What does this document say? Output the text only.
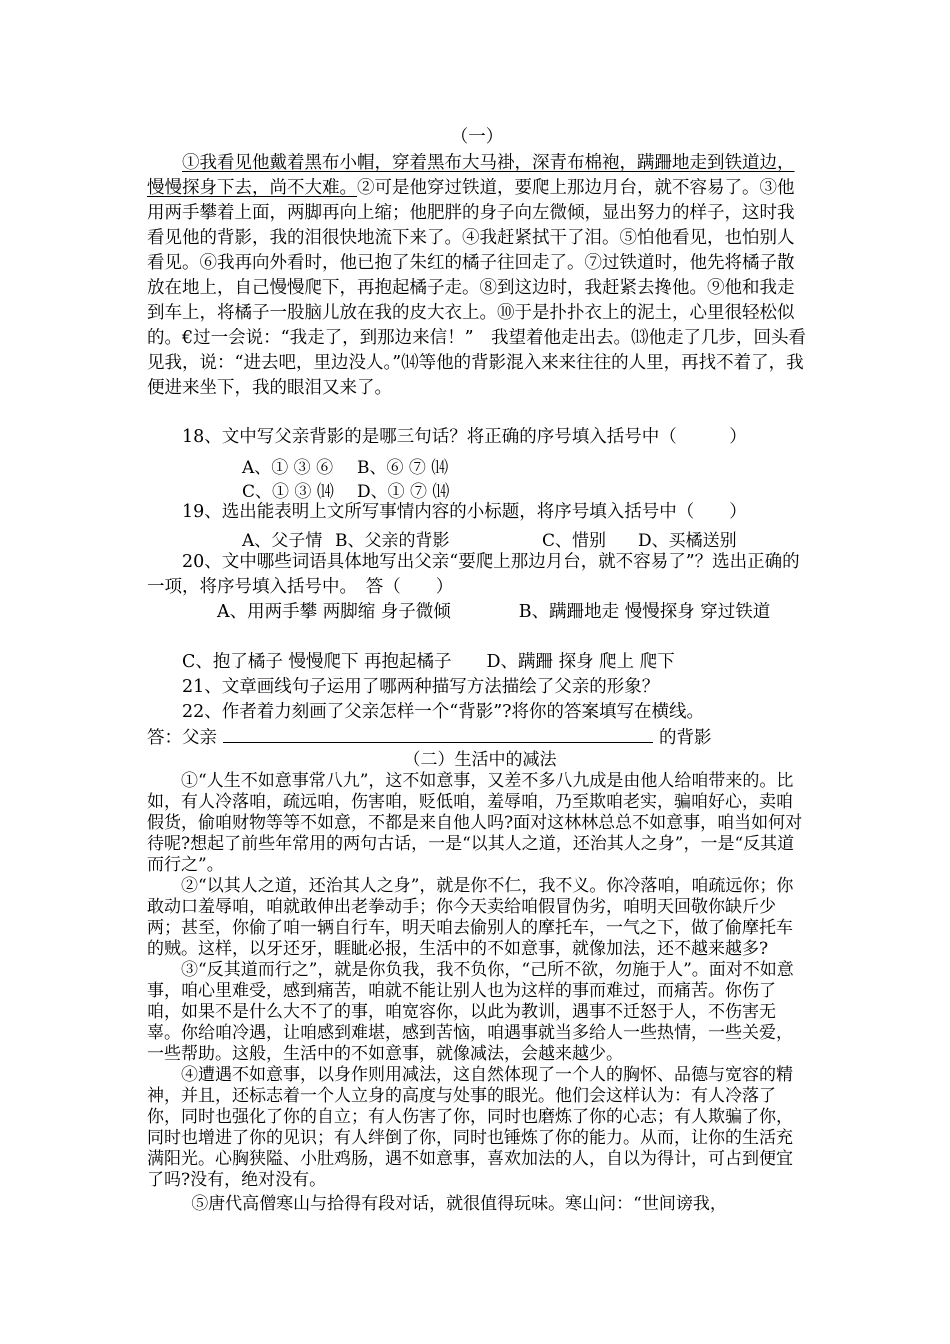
（一）

①我看见他戴着黑布小帽，穿着黑布大马褂，深青布棉袍，蹒跚地走到铁道边，慢慢探身下去，尚不大难。②可是他穿过铁道，要爬上那边月台，就不容易了。③他用两手攀着上面，两脚再向上缩；他肥胖的身子向左微倾，显出努力的样子，这时我看见他的背影，我的泪很快地流下来了。④我赶紧拭干了泪。⑤怕他看见，也怕别人看见。⑥我再向外看时，他已抱了朱红的橘子往回走了。⑦过铁道时，他先将橘子散放在地上，自己慢慢爬下，再抱起橘子走。⑧到这边时，我赶紧去搀他。⑨他和我走到车上，将橘子一股脑儿放在我的皮大衣上。⑩于是扑扑衣上的泥土，心里很轻松似的。€过一会说：“我走了，到那边来信！”　我望着他走出去。⒀他走了几步，回头看见我，说：“进去吧，里边没人。”⒁等他的背影混入来来往往的人里，再找不着了，我便进来坐下，我的眼泪又来了。

18、文中写父亲背影的是哪三句话？将正确的序号填入括号中（　　　）

A、① ③ ⑥ B、⑥ ⑦ ⒁
C、① ③ ⒁ D、① ⑦ ⒁

19、选出能表明上文所写事情内容的小标题，将序号填入括号中（　　）

A、父子情 B、父亲的背影	C、惜别 D、买橘送别

20、文中哪些词语具体地写出父亲“要爬上那边月台，就不容易了”？选出正确的一项，将序号填入括号中。　答（　　）

A、用两手攀 两脚缩 身子微倾	B、蹒跚地走 慢慢探身 穿过铁道

C、抱了橘子 慢慢爬下 再抱起橘子 D、蹒跚 探身 爬上 爬下

21、文章画线句子运用了哪两种描写方法描绘了父亲的形象？

22、作者着力刻画了父亲怎样一个“背影”?将你的答案填写在横线。

答：父亲	的背影

（二）生活中的减法

①“人生不如意事常八九”，这不如意事，又差不多八九成是由他人给咱带来的。比如，有人冷落咱，疏远咱，伤害咱，贬低咱，羞辱咱，乃至欺咱老实，骗咱好心，卖咱假货，偷咱财物等等不如意，不都是来自他人吗?面对这林林总总不如意事，咱当如何对待呢?想起了前些年常用的两句古话，一是“以其人之道，还治其人之身”，一是“反其道而行之”。

②“以其人之道，还治其人之身”，就是你不仁，我不义。你冷落咱，咱疏远你；你敢动口羞辱咱，咱就敢伸出老拳动手；你今天卖给咱假冒伪劣，咱明天回敬你缺斤少两；甚至，你偷了咱一辆自行车，明天咱去偷别人的摩托车，一气之下，做了偷摩托车的贼。这样，以牙还牙，睚眦必报，生活中的不如意事，就像加法，还不越来越多?

③“反其道而行之”，就是你负我，我不负你，“己所不欲，勿施于人”。面对不如意事，咱心里难受，感到痛苦，咱就不能让别人也为这样的事而难过，而痛苦。你伤了咱，如果不是什么大不了的事，咱宽容你，以此为教训，遇事不迁怒于人，不伤害无辜。你给咱冷遇，让咱感到难堪，感到苦恼，咱遇事就当多给人一些热情，一些关爱，一些帮助。这般，生活中的不如意事，就像减法，会越来越少。

④遭遇不如意事，以身作则用减法，这自然体现了一个人的胸怀、品德与宽容的精神，并且，还标志着一个人立身的高度与处事的眼光。他们会这样认为：有人冷落了你，同时也强化了你的自立；有人伤害了你，同时也磨炼了你的心志；有人欺骗了你，同时也增进了你的见识；有人绊倒了你，同时也锤炼了你的能力。从而，让你的生活充满阳光。心胸狭隘、小肚鸡肠，遇不如意事，喜欢加法的人，自以为得计，可占到便宜了吗?没有，绝对没有。

⑤唐代高僧寒山与拾得有段对话，就很值得玩味。寒山问：“世间谤我，
